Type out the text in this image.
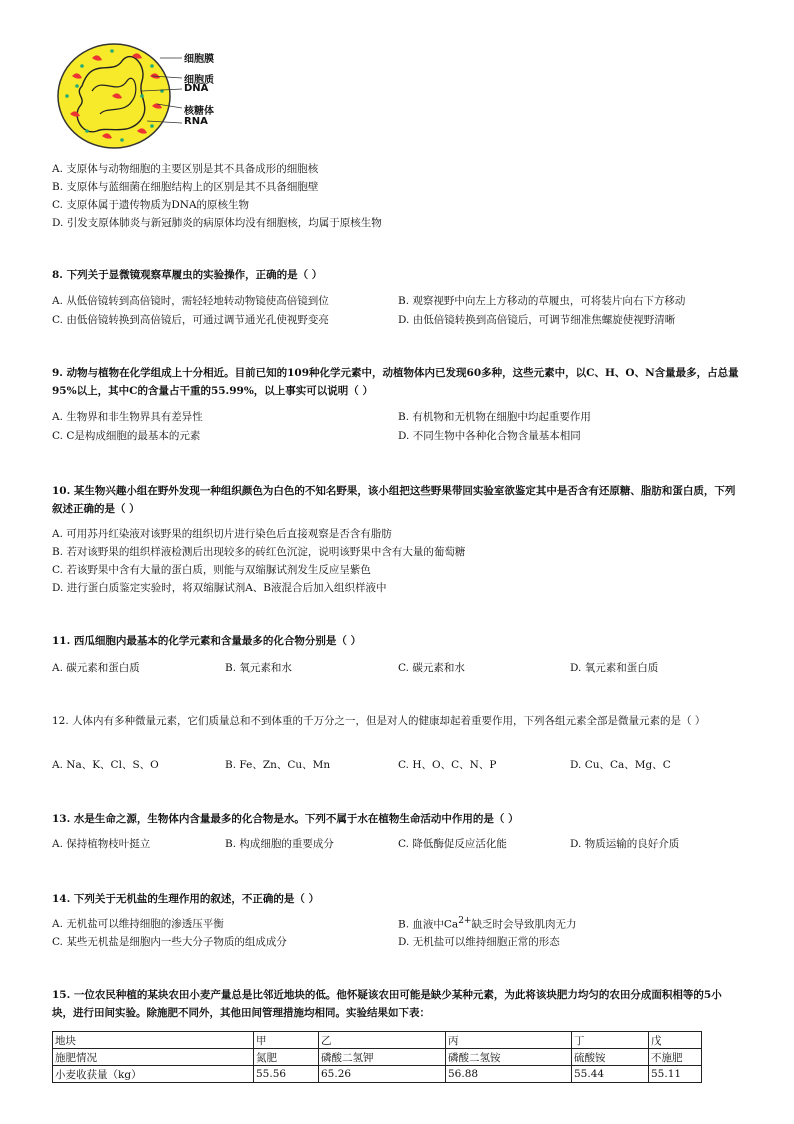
细胞膜
细胞质
DNA
核糖体
RNA
A. 支原体与动物细胞的主要区别是其不具备成形的细胞核
B. 支原体与蓝细菌在细胞结构上的区别是其不具备细胞壁
C. 支原体属于遗传物质为DNA的原核生物
D. 引发支原体肺炎与新冠肺炎的病原体均没有细胞核，均属于原核生物
8. 下列关于显微镜观察草履虫的实验操作，正确的是（ ）
A. 从低倍镜转到高倍镜时，需轻轻地转动物镜使高倍镜到位	B. 观察视野中向左上方移动的草履虫，可将装片向右下方移动
C. 由低倍镜转换到高倍镜后，可通过调节通光孔使视野变亮	D. 由低倍镜转换到高倍镜后，可调节细准焦螺旋使视野清晰
9. 动物与植物在化学组成上十分相近。目前已知的109种化学元素中，动植物体内已发现60多种，这些元素中，以C、H、O、N含量最多，占总量95%以上，其中C的含量占干重的55.99%，以上事实可以说明（ ）
A. 生物界和非生物界具有差异性	B. 有机物和无机物在细胞中均起重要作用
C. C是构成细胞的最基本的元素	D. 不同生物中各种化合物含量基本相同
10. 某生物兴趣小组在野外发现一种组织颜色为白色的不知名野果，该小组把这些野果带回实验室欲鉴定其中是否含有还原糖、脂肪和蛋白质，下列叙述正确的是（ ）
A. 可用苏丹红染液对该野果的组织切片进行染色后直接观察是否含有脂肪
B. 若对该野果的组织样液检测后出现较多的砖红色沉淀，说明该野果中含有大量的葡萄糖
C. 若该野果中含有大量的蛋白质，则能与双缩脲试剂发生反应呈紫色
D. 进行蛋白质鉴定实验时，将双缩脲试剂A、B液混合后加入组织样液中
11. 西瓜细胞内最基本的化学元素和含量最多的化合物分别是（ ）
A. 碳元素和蛋白质	B. 氧元素和水	C. 碳元素和水	D. 氧元素和蛋白质
12. 人体内有多种微量元素，它们质量总和不到体重的千万分之一，但是对人的健康却起着重要作用，下列各组元素全部是微量元素的是（ ）
A. Na、K、Cl、S、O	B. Fe、Zn、Cu、Mn	C. H、O、C、N、P	D. Cu、Ca、Mg、C
13. 水是生命之源，生物体内含量最多的化合物是水。下列不属于水在植物生命活动中作用的是（ ）
A. 保持植物枝叶挺立	B. 构成细胞的重要成分	C. 降低酶促反应活化能	D. 物质运输的良好介质
14. 下列关于无机盐的生理作用的叙述，不正确的是（ ）
A. 无机盐可以维持细胞的渗透压平衡	B. 血液中$Ca^{2+}$缺乏时会导致肌肉无力
C. 某些无机盐是细胞内一些大分子物质的组成成分	D. 无机盐可以维持细胞正常的形态
15. 一位农民种植的某块农田小麦产量总是比邻近地块的低。他怀疑该农田可能是缺少某种元素，为此将该块肥力均匀的农田分成面积相等的5小块，进行田间实验。除施肥不同外，其他田间管理措施均相同。实验结果如下表：
地块	甲	乙	丙	丁	戊
施肥情况	氮肥	磷酸二氢钾	磷酸二氢铵	硫酸铵	不施肥
小麦收获量（kg）	55.56	65.26	56.88	55.44	55.11
